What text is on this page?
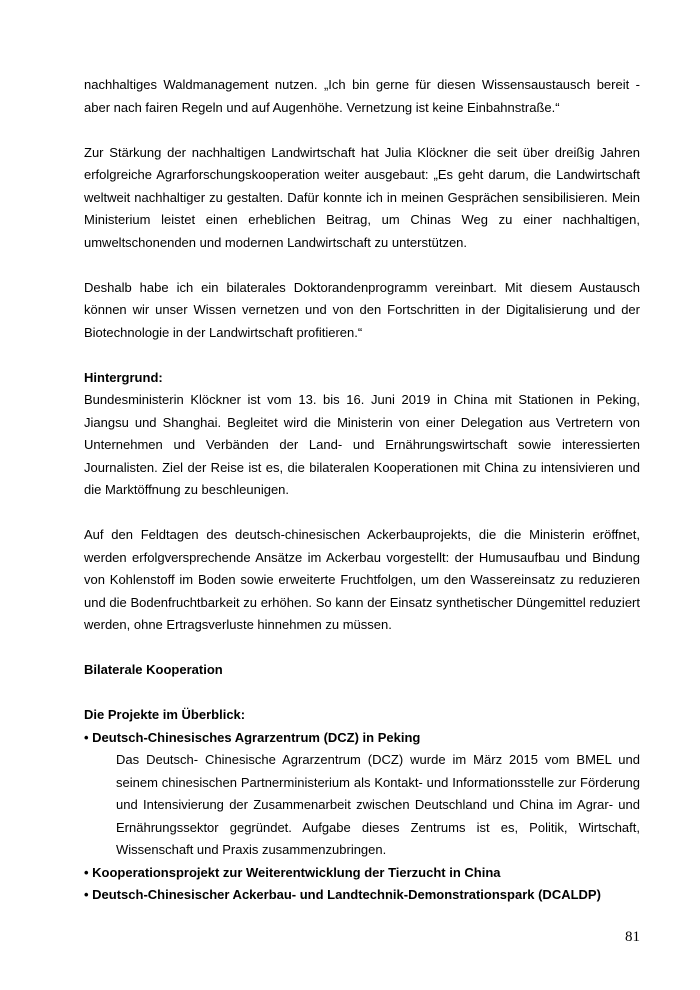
nachhaltiges Waldmanagement nutzen. „Ich bin gerne für diesen Wissensaustausch bereit - aber nach fairen Regeln und auf Augenhöhe. Vernetzung ist keine Einbahnstraße.“

Zur Stärkung der nachhaltigen Landwirtschaft hat Julia Klöckner die seit über dreißig Jahren erfolgreiche Agrarforschungskooperation weiter ausgebaut: „Es geht darum, die Landwirtschaft weltweit nachhaltiger zu gestalten. Dafür konnte ich in meinen Gesprächen sensibilisieren. Mein Ministerium leistet einen erheblichen Beitrag, um Chinas Weg zu einer nachhaltigen, umweltschonenden und modernen Landwirtschaft zu unterstützen.

Deshalb habe ich ein bilaterales Doktorandenprogramm vereinbart. Mit diesem Austausch können wir unser Wissen vernetzen und von den Fortschritten in der Digitalisierung und der Biotechnologie in der Landwirtschaft profitieren.“

Hintergrund:

Bundesministerin Klöckner ist vom 13. bis 16. Juni 2019 in China mit Stationen in Peking, Jiangsu und Shanghai. Begleitet wird die Ministerin von einer Delegation aus Vertretern von Unternehmen und Verbänden der Land- und Ernährungswirtschaft sowie interessierten Journalisten. Ziel der Reise ist es, die bilateralen Kooperationen mit China zu intensivieren und die Marktöffnung zu beschleunigen.

Auf den Feldtagen des deutsch-chinesischen Ackerbauprojekts, die die Ministerin eröffnet, werden erfolgversprechende Ansätze im Ackerbau vorgestellt: der Humusaufbau und Bindung von Kohlenstoff im Boden sowie erweiterte Fruchtfolgen, um den Wassereinsatz zu reduzieren und die Bodenfruchtbarkeit zu erhöhen. So kann der Einsatz synthetischer Düngemittel reduziert werden, ohne Ertragsverluste hinnehmen zu müssen.

Bilaterale Kooperation

Die Projekte im Überblick:

• Deutsch-Chinesisches Agrarzentrum (DCZ) in Peking

Das Deutsch- Chinesische Agrarzentrum (DCZ) wurde im März 2015 vom BMEL und seinem chinesischen Partnerministerium als Kontakt- und Informationsstelle zur Förderung und Intensivierung der Zusammenarbeit zwischen Deutschland und China im Agrar- und Ernährungssektor gegründet. Aufgabe dieses Zentrums ist es, Politik, Wirtschaft, Wissenschaft und Praxis zusammenzubringen.

• Kooperationsprojekt zur Weiterentwicklung der Tierzucht in China

• Deutsch-Chinesischer Ackerbau- und Landtechnik-Demonstrationspark (DCALDP)

81
